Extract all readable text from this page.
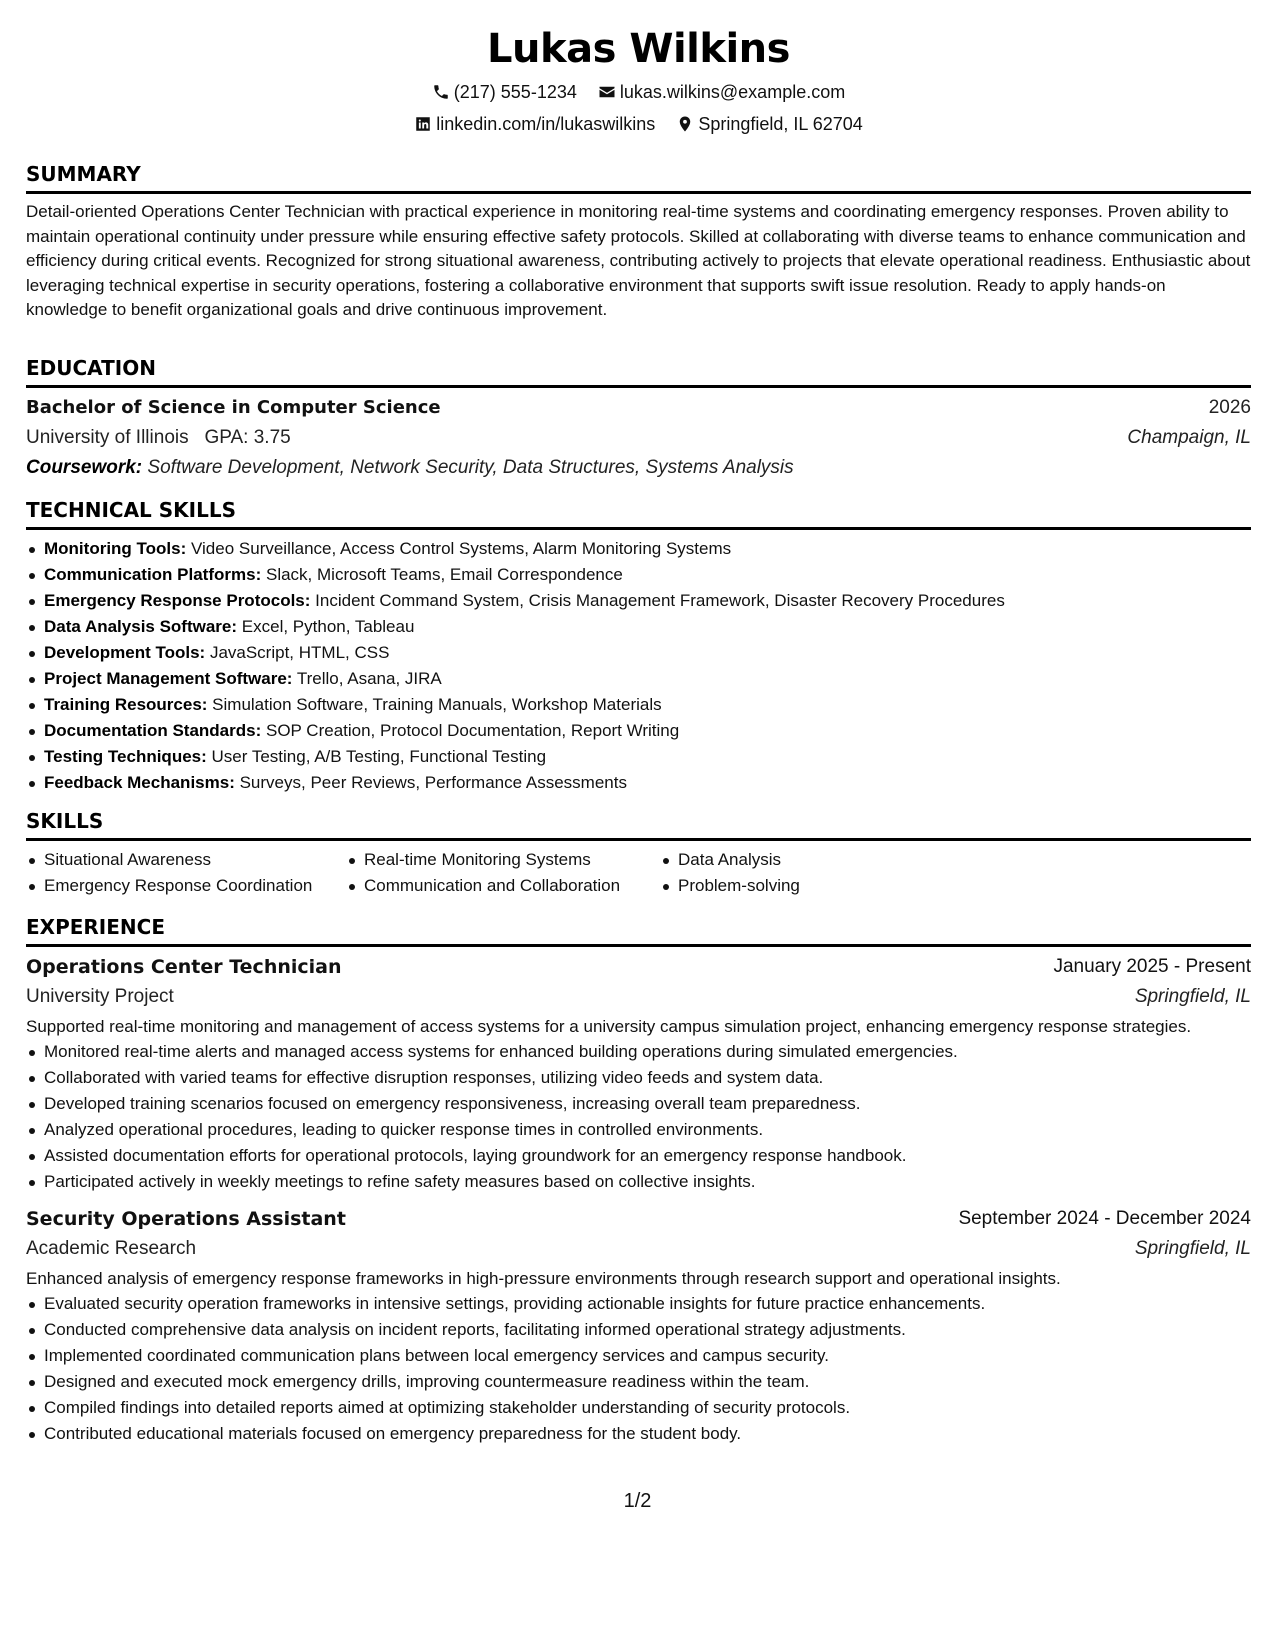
Lukas Wilkins
(217) 555-1234
lukas.wilkins@example.com
linkedin.com/in/lukaswilkins
Springfield, IL 62704
SUMMARY

Detail-oriented Operations Center Technician with practical experience in monitoring real-time systems and coordinating emergency responses. Proven ability to maintain operational continuity under pressure while ensuring effective safety protocols. Skilled at collaborating with diverse teams to enhance communication and efficiency during critical events. Recognized for strong situational awareness, contributing actively to projects that elevate operational readiness. Enthusiastic about leveraging technical expertise in security operations, fostering a collaborative environment that supports swift issue resolution. Ready to apply hands-on knowledge to benefit organizational goals and drive continuous improvement.

EDUCATION
Bachelor of Science in Computer Science	2026
University of Illinois GPA: 3.75	Champaign, IL
Coursework: Software Development, Network Security, Data Structures, Systems Analysis
TECHNICAL SKILLS
Monitoring Tools: Video Surveillance, Access Control Systems, Alarm Monitoring Systems
Communication Platforms: Slack, Microsoft Teams, Email Correspondence
Emergency Response Protocols: Incident Command System, Crisis Management Framework, Disaster Recovery Procedures
Data Analysis Software: Excel, Python, Tableau
Development Tools: JavaScript, HTML, CSS
Project Management Software: Trello, Asana, JIRA
Training Resources: Simulation Software, Training Manuals, Workshop Materials
Documentation Standards: SOP Creation, Protocol Documentation, Report Writing
Testing Techniques: User Testing, A/B Testing, Functional Testing
Feedback Mechanisms: Surveys, Peer Reviews, Performance Assessments
SKILLS
Situational Awareness
Emergency Response Coordination
Real-time Monitoring Systems
Communication and Collaboration
Data Analysis
Problem-solving
EXPERIENCE
Operations Center Technician	January 2025 - Present
University Project	Springfield, IL

Supported real-time monitoring and management of access systems for a university campus simulation project, enhancing emergency response strategies.

Monitored real-time alerts and managed access systems for enhanced building operations during simulated emergencies.
Collaborated with varied teams for effective disruption responses, utilizing video feeds and system data.
Developed training scenarios focused on emergency responsiveness, increasing overall team preparedness.
Analyzed operational procedures, leading to quicker response times in controlled environments.
Assisted documentation efforts for operational protocols, laying groundwork for an emergency response handbook.
Participated actively in weekly meetings to refine safety measures based on collective insights.
Security Operations Assistant	September 2024 - December 2024
Academic Research	Springfield, IL

Enhanced analysis of emergency response frameworks in high-pressure environments through research support and operational insights.

Evaluated security operation frameworks in intensive settings, providing actionable insights for future practice enhancements.
Conducted comprehensive data analysis on incident reports, facilitating informed operational strategy adjustments.
Implemented coordinated communication plans between local emergency services and campus security.
Designed and executed mock emergency drills, improving countermeasure readiness within the team.
Compiled findings into detailed reports aimed at optimizing stakeholder understanding of security protocols.
Contributed educational materials focused on emergency preparedness for the student body.
1/2
